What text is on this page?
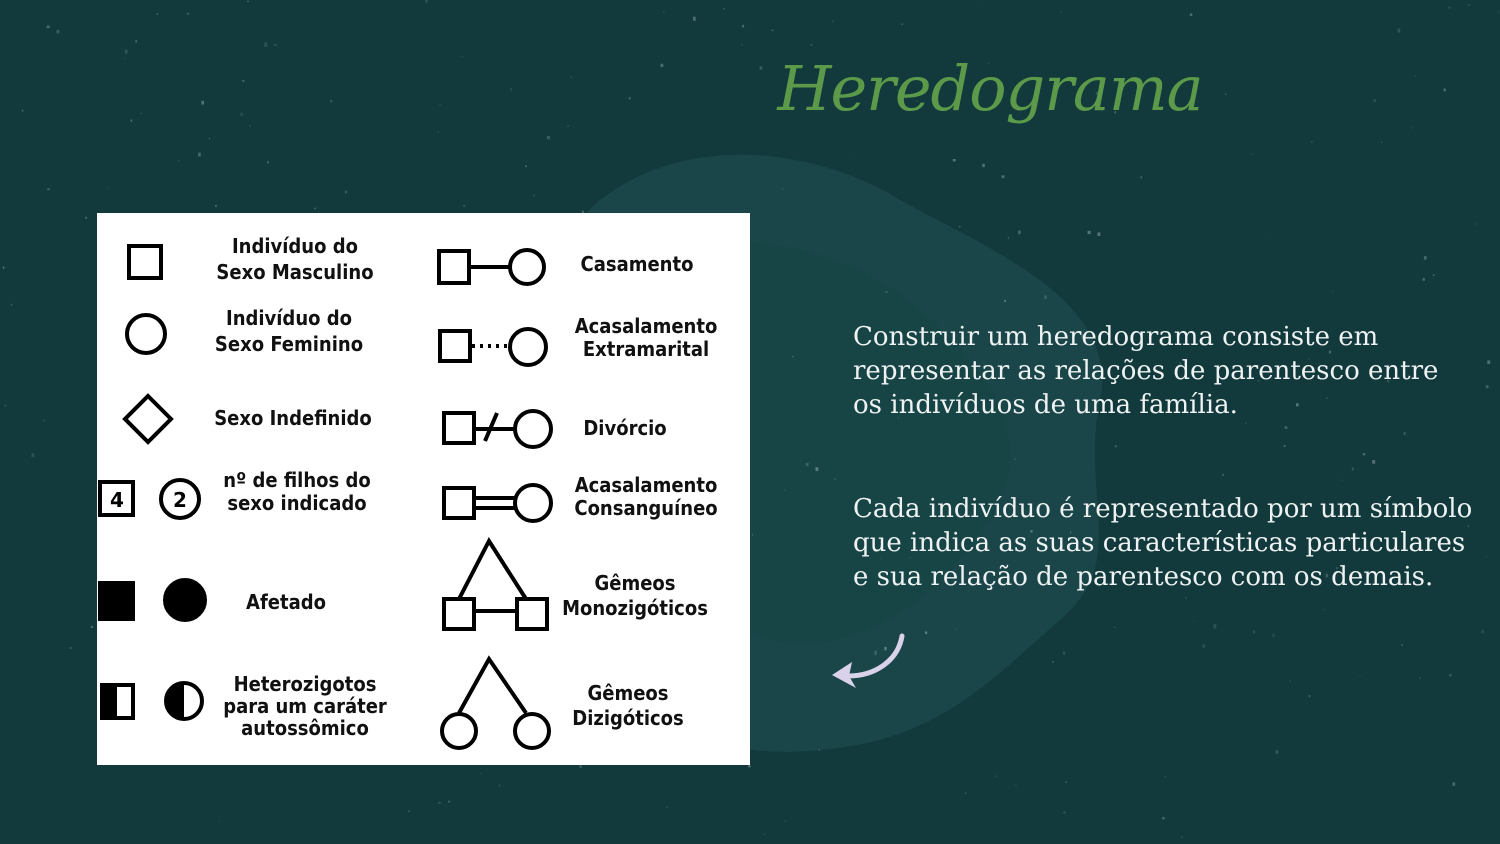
Heredograma
4 2
Indivíduo do
Sexo Masculino
Indivíduo do
Sexo Feminino
Sexo Indefinido
nº de filhos do
sexo indicado
Afetado
Heterozigotos
para um caráter
autossômico
Casamento
Acasalamento
Extramarital
Divórcio
Acasalamento
Consanguíneo
Gêmeos
Monozigóticos
Gêmeos
Dizigóticos

Construir um heredograma consiste em representar as relações de parentesco entre os indivíduos de uma família.

Cada indivíduo é representado por um símbolo que indica as suas características particulares e sua relação de parentesco com os demais.
